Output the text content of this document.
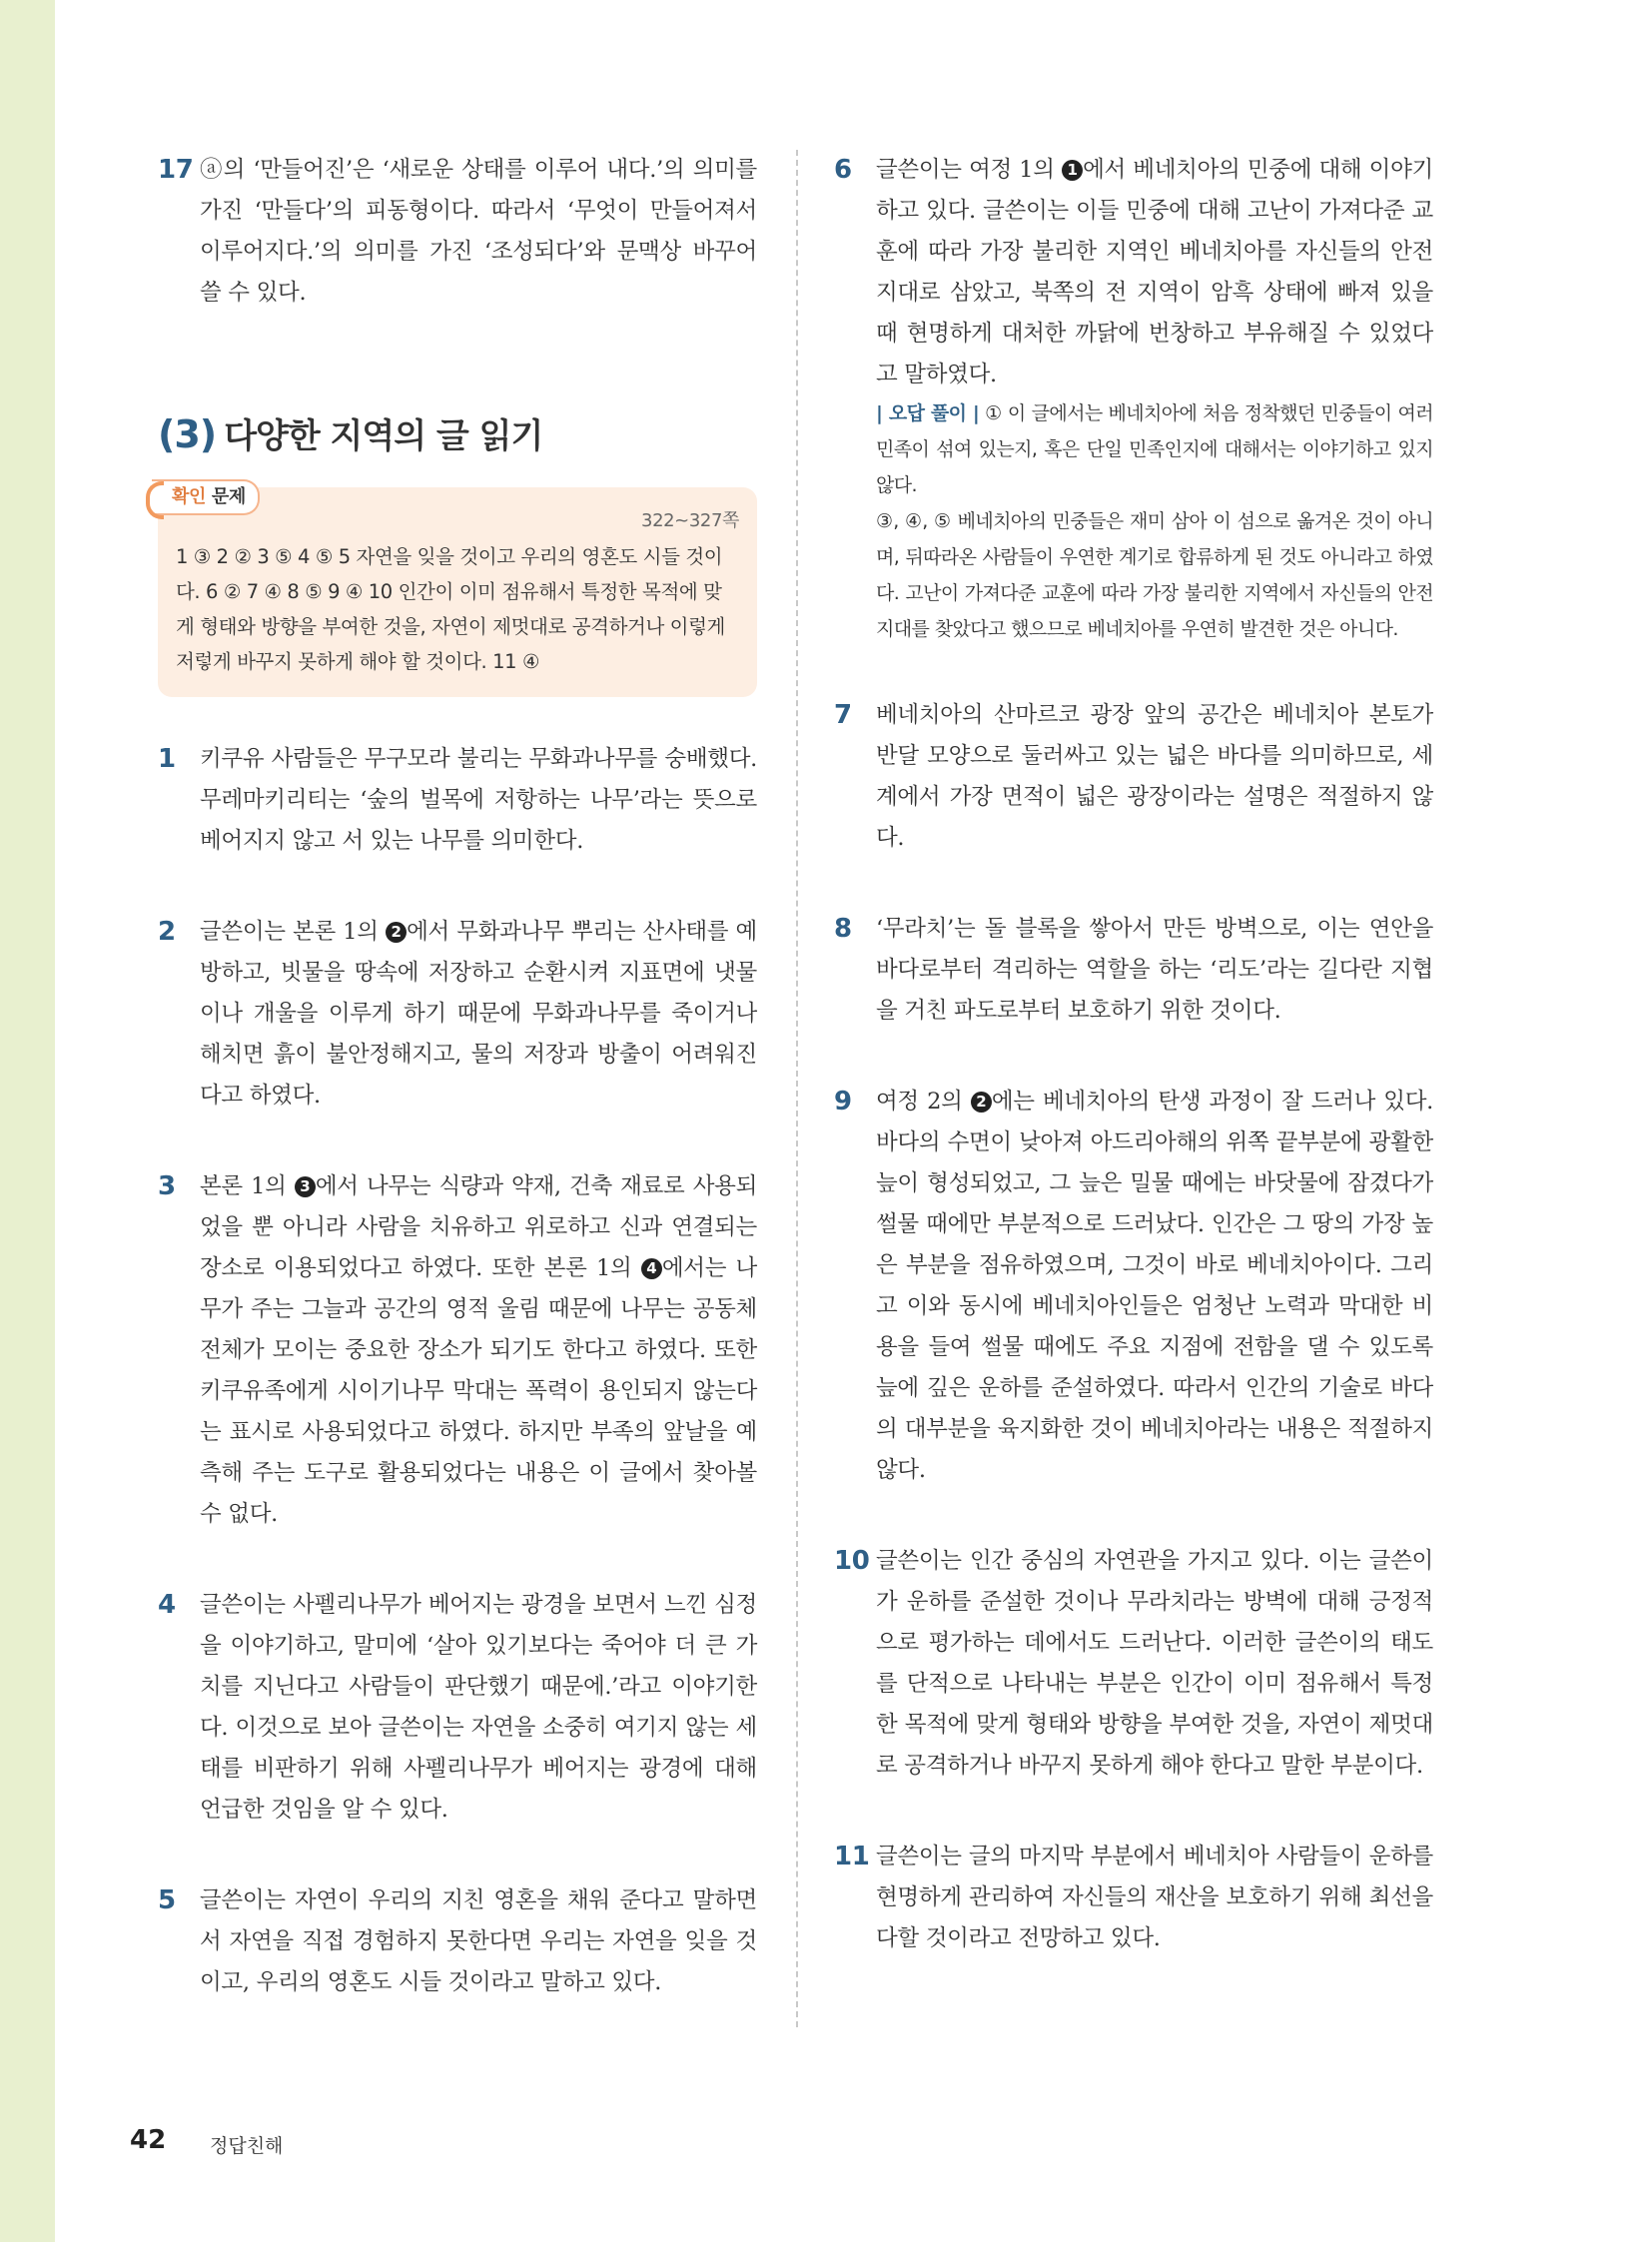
17 ⓐ의 ‘만들어진’은 ‘새로운 상태를 이루어 내다.’의 의미를 가진 ‘만들다’의 피동형이다. 따라서 ‘무엇이 만들어져서 이루어지다.’의 의미를 가진 ‘조성되다’와 문맥상 바꾸어 쓸 수 있다.
(3) 다양한 지역의 글 읽기
확인 문제
322~327쪽
1 ③ 2 ② 3 ⑤ 4 ⑤ 5 자연을 잊을 것이고 우리의 영혼도 시들 것이다. 6 ② 7 ④ 8 ⑤ 9 ④ 10 인간이 이미 점유해서 특정한 목적에 맞게 형태와 방향을 부여한 것을, 자연이 제멋대로 공격하거나 이렇게 저렇게 바꾸지 못하게 해야 할 것이다. 11 ④
1 키쿠유 사람들은 무구모라 불리는 무화과나무를 숭배했다. 무레마키리티는 ‘숲의 벌목에 저항하는 나무’라는 뜻으로 베어지지 않고 서 있는 나무를 의미한다.
2 글쓴이는 본론 1의 2 에서 무화과나무 뿌리는 산사태를 예방하고, 빗물을 땅속에 저장하고 순환시켜 지표면에 냇물이나 개울을 이루게 하기 때문에 무화과나무를 죽이거나 해치면 흙이 불안정해지고, 물의 저장과 방출이 어려워진다고 하였다.
3 본론 1의 3 에서 나무는 식량과 약재, 건축 재료로 사용되었을 뿐 아니라 사람을 치유하고 위로하고 신과 연결되는 장소로 이용되었다고 하였다. 또한 본론 1의 4 에서는 나무가 주는 그늘과 공간의 영적 울림 때문에 나무는 공동체 전체가 모이는 중요한 장소가 되기도 한다고 하였다. 또한 키쿠유족에게 시이기나무 막대는 폭력이 용인되지 않는다는 표시로 사용되었다고 하였다. 하지만 부족의 앞날을 예측해 주는 도구로 활용되었다는 내용은 이 글에서 찾아볼 수 없다.
4 글쓴이는 사펠리나무가 베어지는 광경을 보면서 느낀 심정을 이야기하고, 말미에 ‘살아 있기보다는 죽어야 더 큰 가치를 지닌다고 사람들이 판단했기 때문에.’라고 이야기한다. 이것으로 보아 글쓴이는 자연을 소중히 여기지 않는 세태를 비판하기 위해 사펠리나무가 베어지는 광경에 대해 언급한 것임을 알 수 있다.
5 글쓴이는 자연이 우리의 지친 영혼을 채워 준다고 말하면서 자연을 직접 경험하지 못한다면 우리는 자연을 잊을 것이고, 우리의 영혼도 시들 것이라고 말하고 있다.
6 글쓴이는 여정 1의 1 에서 베네치아의 민중에 대해 이야기하고 있다. 글쓴이는 이들 민중에 대해 고난이 가져다준 교훈에 따라 가장 불리한 지역인 베네치아를 자신들의 안전지대로 삼았고, 북쪽의 전 지역이 암흑 상태에 빠져 있을 때 현명하게 대처한 까닭에 번창하고 부유해질 수 있었다고 말하였다.
| 오답 풀이 | ① 이 글에서는 베네치아에 처음 정착했던 민중들이 여러 민족이 섞여 있는지, 혹은 단일 민족인지에 대해서는 이야기하고 있지 않다.
③, ④, ⑤ 베네치아의 민중들은 재미 삼아 이 섬으로 옮겨온 것이 아니며, 뒤따라온 사람들이 우연한 계기로 합류하게 된 것도 아니라고 하였다. 고난이 가져다준 교훈에 따라 가장 불리한 지역에서 자신들의 안전지대를 찾았다고 했으므로 베네치아를 우연히 발견한 것은 아니다.
7 베네치아의 산마르코 광장 앞의 공간은 베네치아 본토가 반달 모양으로 둘러싸고 있는 넓은 바다를 의미하므로, 세계에서 가장 면적이 넓은 광장이라는 설명은 적절하지 않다.
8 ‘무라치’는 돌 블록을 쌓아서 만든 방벽으로, 이는 연안을 바다로부터 격리하는 역할을 하는 ‘리도’라는 길다란 지협을 거친 파도로부터 보호하기 위한 것이다.
9 여정 2의 2 에는 베네치아의 탄생 과정이 잘 드러나 있다. 바다의 수면이 낮아져 아드리아해의 위쪽 끝부분에 광활한 늪이 형성되었고, 그 늪은 밀물 때에는 바닷물에 잠겼다가 썰물 때에만 부분적으로 드러났다. 인간은 그 땅의 가장 높은 부분을 점유하였으며, 그것이 바로 베네치아이다. 그리고 이와 동시에 베네치아인들은 엄청난 노력과 막대한 비용을 들여 썰물 때에도 주요 지점에 전함을 댈 수 있도록 늪에 깊은 운하를 준설하였다. 따라서 인간의 기술로 바다의 대부분을 육지화한 것이 베네치아라는 내용은 적절하지 않다.
10 글쓴이는 인간 중심의 자연관을 가지고 있다. 이는 글쓴이가 운하를 준설한 것이나 무라치라는 방벽에 대해 긍정적으로 평가하는 데에서도 드러난다. 이러한 글쓴이의 태도를 단적으로 나타내는 부분은 인간이 이미 점유해서 특정한 목적에 맞게 형태와 방향을 부여한 것을, 자연이 제멋대로 공격하거나 바꾸지 못하게 해야 한다고 말한 부분이다.
11 글쓴이는 글의 마지막 부분에서 베네치아 사람들이 운하를 현명하게 관리하여 자신들의 재산을 보호하기 위해 최선을 다할 것이라고 전망하고 있다.
42 정답친해
